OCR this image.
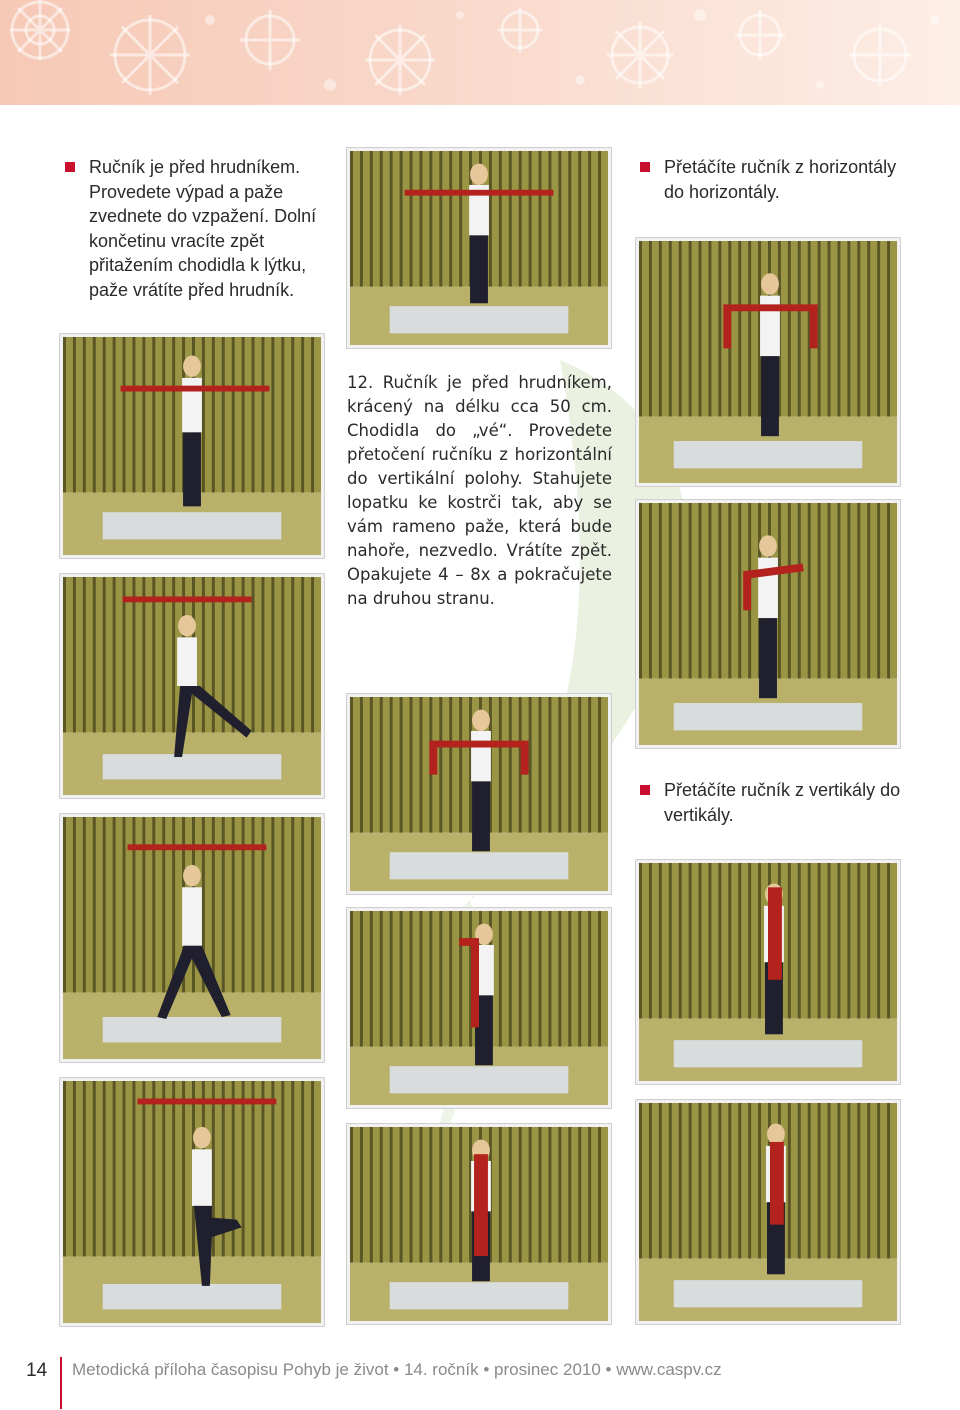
Ručník je před hrudníkem. Provedete výpad a paže zvednete do vzpažení. Dolní končetinu vracíte zpět přitažením chodidla k lýtku, paže vrátíte před hrudník.
Přetáčíte ručník z horizontály do horizontály.
Přetáčíte ručník z vertikály do vertikály.
12. Ručník je před hrudníkem, krácený na délku cca 50 cm. Chodidla do „vé“. Provedete přetočení ručníku z horizontální do vertikální polohy. Stahujete lopatku ke kostrči tak, aby se vám rameno paže, která bude nahoře, nezvedlo. Vrátíte zpět. Opakujete 4 – 8x a pokračujete na druhou stranu.
14 Metodická příloha časopisu Pohyb je život • 14. ročník • prosinec 2010 • www.caspv.cz
